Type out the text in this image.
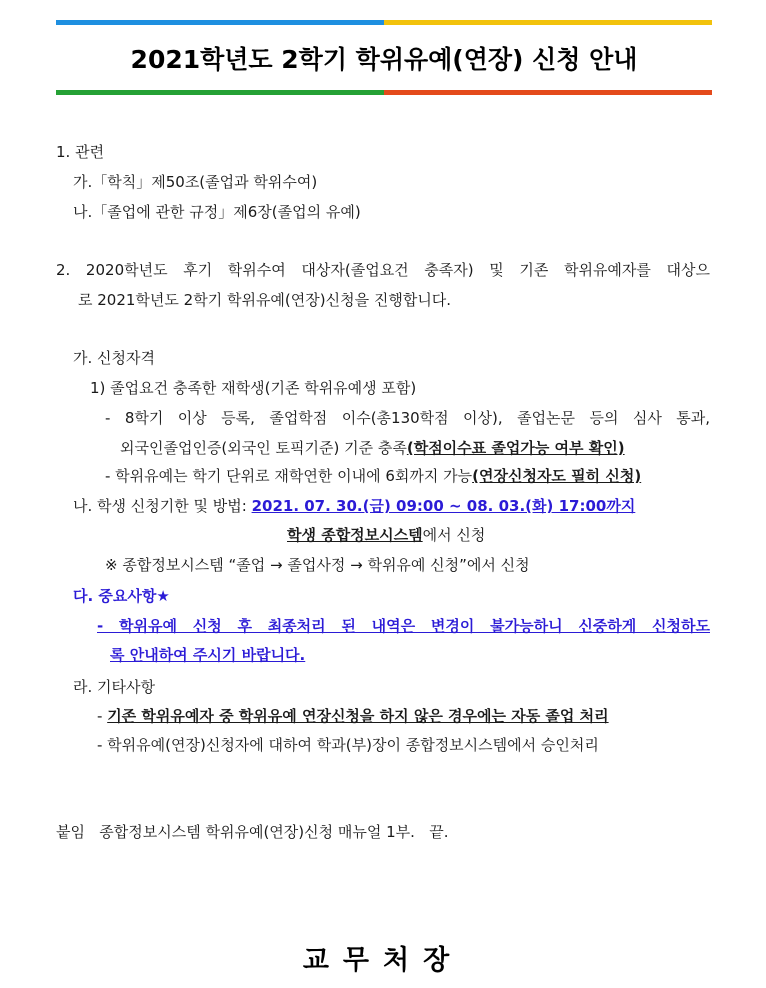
2021학년도 2학기 학위유예(연장) 신청 안내
1. 관련
가.「학칙」제50조(졸업과 학위수여)
나.「졸업에 관한 규정」제6장(졸업의 유예)
2. 2020학년도 후기 학위수여 대상자(졸업요건 충족자) 및 기존 학위유예자를 대상으
로 2021학년도 2학기 학위유예(연장)신청을 진행합니다.
가. 신청자격
1) 졸업요건 충족한 재학생(기존 학위유예생 포함)
- 8학기 이상 등록, 졸업학점 이수(총130학점 이상), 졸업논문 등의 심사 통과,
외국인졸업인증(외국인 토픽기준) 기준 충족(학점이수표 졸업가능 여부 확인)
- 학위유예는 학기 단위로 재학연한 이내에 6회까지 가능(연장신청자도 필히 신청)
나. 학생 신청기한 및 방법: 2021. 07. 30.(금) 09:00 ~ 08. 03.(화) 17:00까지
학생 종합정보시스템에서 신청
※ 종합정보시스템 “졸업 → 졸업사정 → 학위유예 신청”에서 신청
다. 중요사항★
- 학위유예 신청 후 최종처리 된 내역은 변경이 불가능하니 신중하게 신청하도
록 안내하여 주시기 바랍니다.
라. 기타사항
- 기존 학위유예자 중 학위유예 연장신청을 하지 않은 경우에는 자동 졸업 처리
- 학위유예(연장)신청자에 대하여 학과(부)장이 종합정보시스템에서 승인처리
붙임   종합정보시스템 학위유예(연장)신청 매뉴얼 1부.   끝.
교무처장
